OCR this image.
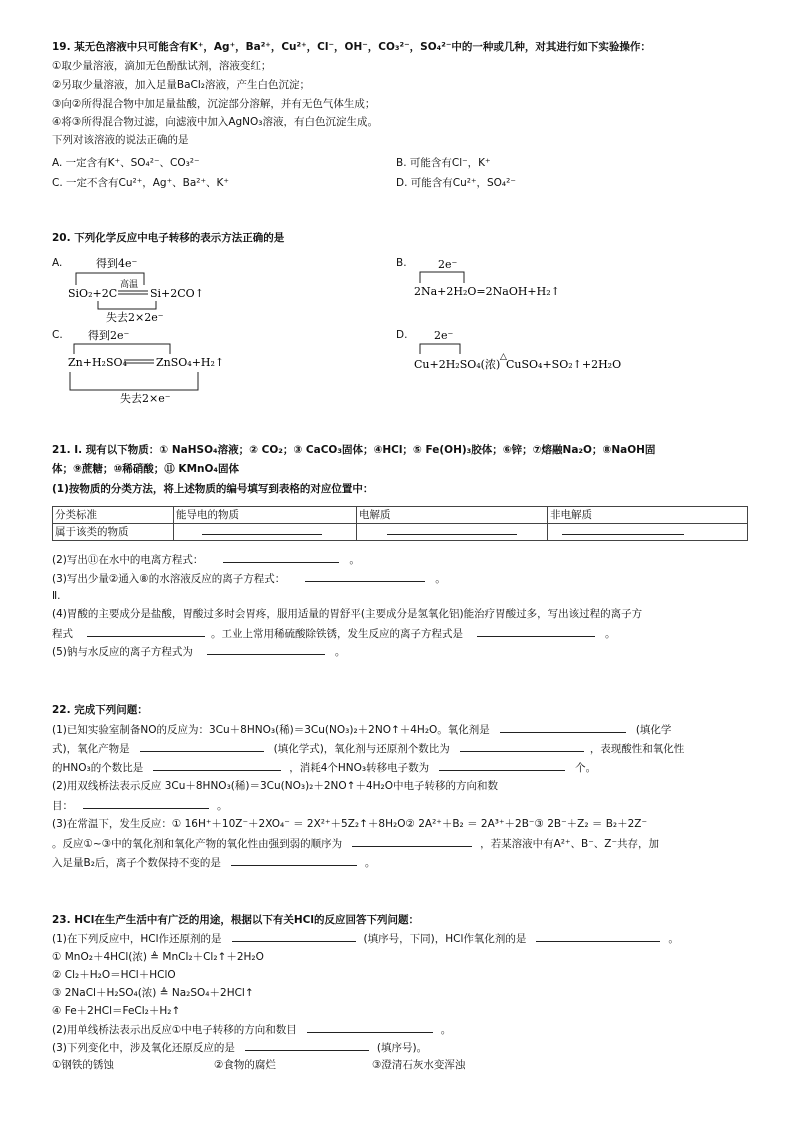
19. 某无色溶液中只可能含有K⁺，Ag⁺，Ba²⁺，Cu²⁺，Cl⁻，OH⁻，CO₃²⁻，SO₄²⁻中的一种或几种，对其进行如下实验操作：
①取少量溶液，滴加无色酚酞试剂，溶液变红；
②另取少量溶液，加入足量BaCl₂溶液，产生白色沉淀；
③向②所得混合物中加足量盐酸，沉淀部分溶解，并有无色气体生成；
④将③所得混合物过滤，向滤液中加入AgNO₃溶液，有白色沉淀生成。
下列对该溶液的说法正确的是
A. 一定含有K⁺、SO₄²⁻、CO₃²⁻	B. 可能含有Cl⁻，K⁺
C. 一定不含有Cu²⁺，Ag⁺、Ba²⁺、K⁺	D. 可能含有Cu²⁺，SO₄²⁻
20. 下列化学反应中电子转移的表示方法正确的是
A.	得到4e⁻
SiO₂+2C
高温
Si+2CO↑
失去2×2e⁻
B.	2e⁻
2Na+2H₂O=2NaOH+H₂↑
C. 得到2e⁻
Zn+H₂SO₄	ZnSO₄+H₂↑
失去2×e⁻
D. 2e⁻
Cu+2H₂SO₄(浓)
△
CuSO₄+SO₂↑+2H₂O
21. Ⅰ. 现有以下物质：① NaHSO₄溶液；② CO₂；③ CaCO₃固体；④HCl；⑤ Fe(OH)₃胶体；⑥锌；⑦熔融Na₂O；⑧NaOH固
体；⑨蔗糖；⑩稀硝酸；⑪ KMnO₄固体
(1)按物质的分类方法，将上述物质的编号填写到表格的对应位置中：
分类标准	能导电的物质	电解质	非电解质
属于该类的物质			
(2)写出⑪在水中的电离方程式：	。
(3)写出少量②通入⑧的水溶液反应的离子方程式：	。
Ⅱ.
(4)胃酸的主要成分是盐酸，胃酸过多时会胃疼，服用适量的胃舒平(主要成分是氢氧化铝)能治疗胃酸过多，写出该过程的离子方
程式	。工业上常用稀硫酸除铁锈，发生反应的离子方程式是	。
(5)钠与水反应的离子方程式为	。
22. 完成下列问题：
(1)已知实验室制备NO的反应为：3Cu＋8HNO₃(稀)＝3Cu(NO₃)₂＋2NO↑＋4H₂O。氧化剂是	(填化学
式)，氧化产物是	(填化学式)，氧化剂与还原剂个数比为	，表现酸性和氧化性
的HNO₃的个数比是	，消耗4个HNO₃转移电子数为	个。
(2)用双线桥法表示反应 3Cu＋8HNO₃(稀)＝3Cu(NO₃)₂＋2NO↑＋4H₂O中电子转移的方向和数
目：	。
(3)在常温下，发生反应：① 16H⁺＋10Z⁻＋2XO₄⁻ ＝ 2X²⁺＋5Z₂↑＋8H₂O② 2A²⁺＋B₂ ＝ 2A³⁺＋2B⁻③ 2B⁻＋Z₂ ＝ B₂＋2Z⁻
。反应①~③中的氧化剂和氧化产物的氧化性由强到弱的顺序为	，若某溶液中有A²⁺、B⁻、Z⁻共存，加
入足量B₂后，离子个数保持不变的是	。
23. HCl在生产生活中有广泛的用途，根据以下有关HCl的反应回答下列问题：
(1)在下列反应中，HCl作还原剂的是	(填序号，下同)，HCl作氧化剂的是	。
① MnO₂＋4HCl(浓) ≜ MnCl₂＋Cl₂↑＋2H₂O
② Cl₂＋H₂O＝HCl＋HClO
③ 2NaCl＋H₂SO₄(浓) ≜ Na₂SO₄＋2HCl↑
④ Fe＋2HCl＝FeCl₂＋H₂↑
(2)用单线桥法表示出反应①中电子转移的方向和数目	。
(3)下列变化中，涉及氧化还原反应的是	(填序号)。
①钢铁的锈蚀	②食物的腐烂	③澄清石灰水变浑浊
